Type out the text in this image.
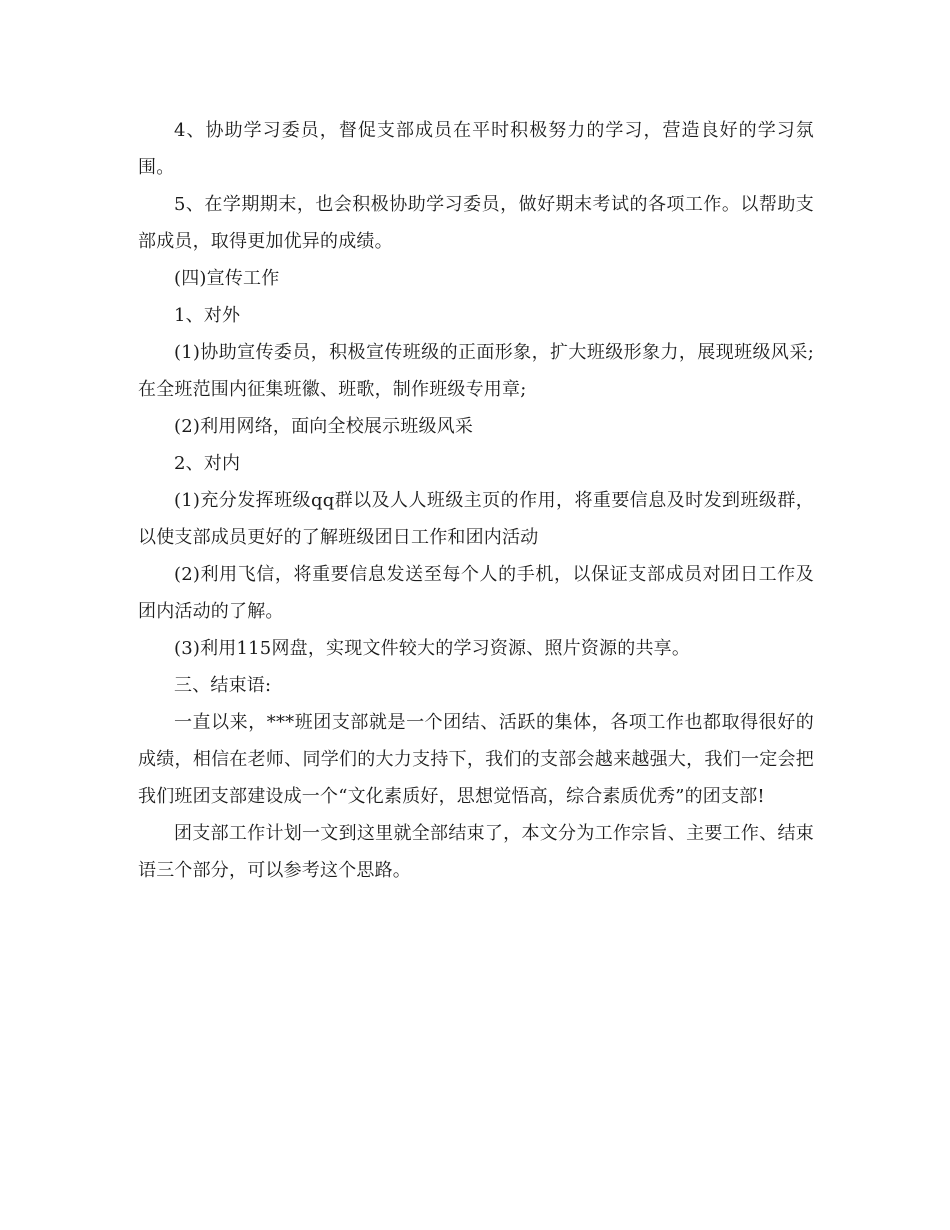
4、协助学习委员，督促支部成员在平时积极努力的学习，营造良好的学习氛围。

5、在学期期末，也会积极协助学习委员，做好期末考试的各项工作。以帮助支部成员，取得更加优异的成绩。

(四)宣传工作

1、对外

(1)协助宣传委员，积极宣传班级的正面形象，扩大班级形象力，展现班级风采;在全班范围内征集班徽、班歌，制作班级专用章;

(2)利用网络，面向全校展示班级风采

2、对内

(1)充分发挥班级qq群以及人人班级主页的作用，将重要信息及时发到班级群，以使支部成员更好的了解班级团日工作和团内活动

(2)利用飞信，将重要信息发送至每个人的手机，以保证支部成员对团日工作及团内活动的了解。

(3)利用115网盘，实现文件较大的学习资源、照片资源的共享。

三、结束语:

一直以来，***班团支部就是一个团结、活跃的集体，各项工作也都取得很好的成绩，相信在老师、同学们的大力支持下，我们的支部会越来越强大，我们一定会把我们班团支部建设成一个“文化素质好，思想觉悟高，综合素质优秀”的团支部!

团支部工作计划一文到这里就全部结束了，本文分为工作宗旨、主要工作、结束语三个部分，可以参考这个思路。
